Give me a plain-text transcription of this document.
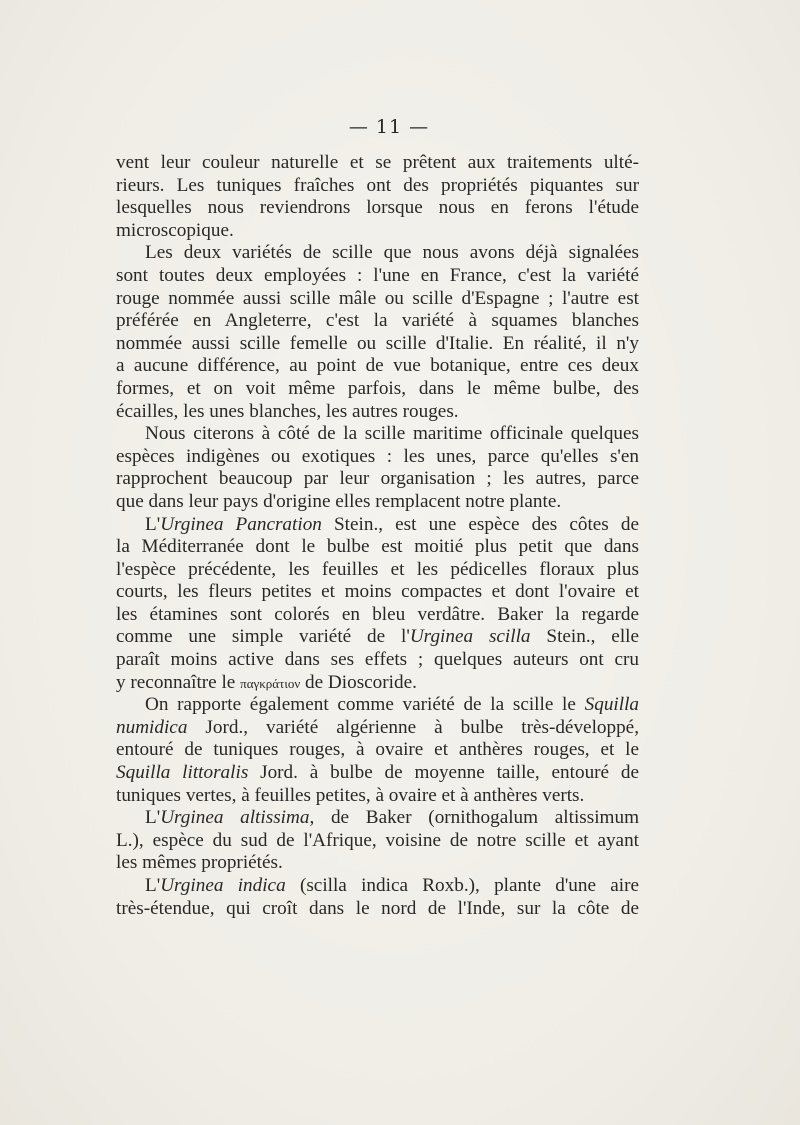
— 11 —
vent leur couleur naturelle et se prêtent aux traitements ulté-
rieurs. Les tuniques fraîches ont des propriétés piquantes sur
lesquelles nous reviendrons lorsque nous en ferons l'étude
microscopique.
Les deux variétés de scille que nous avons déjà signalées
sont toutes deux employées : l'une en France, c'est la variété
rouge nommée aussi scille mâle ou scille d'Espagne ; l'autre est
préférée en Angleterre, c'est la variété à squames blanches
nommée aussi scille femelle ou scille d'Italie. En réalité, il n'y
a aucune différence, au point de vue botanique, entre ces deux
formes, et on voit même parfois, dans le même bulbe, des
écailles, les unes blanches, les autres rouges.
Nous citerons à côté de la scille maritime officinale quelques
espèces indigènes ou exotiques : les unes, parce qu'elles s'en
rapprochent beaucoup par leur organisation ; les autres, parce
que dans leur pays d'origine elles remplacent notre plante.
L'Urginea Pancration Stein., est une espèce des côtes de
la Méditerranée dont le bulbe est moitié plus petit que dans
l'espèce précédente, les feuilles et les pédicelles floraux plus
courts, les fleurs petites et moins compactes et dont l'ovaire et
les étamines sont colorés en bleu verdâtre. Baker la regarde
comme une simple variété de l'Urginea scilla Stein., elle
paraît moins active dans ses effets ; quelques auteurs ont cru
y reconnaître le παγκράτιον de Dioscoride.
On rapporte également comme variété de la scille le Squilla
numidica Jord., variété algérienne à bulbe très-développé,
entouré de tuniques rouges, à ovaire et anthères rouges, et le
Squilla littoralis Jord. à bulbe de moyenne taille, entouré de
tuniques vertes, à feuilles petites, à ovaire et à anthères verts.
L'Urginea altissima, de Baker (ornithogalum altissimum
L.), espèce du sud de l'Afrique, voisine de notre scille et ayant
les mêmes propriétés.
L'Urginea indica (scilla indica Roxb.), plante d'une aire
très-étendue, qui croît dans le nord de l'Inde, sur la côte de
